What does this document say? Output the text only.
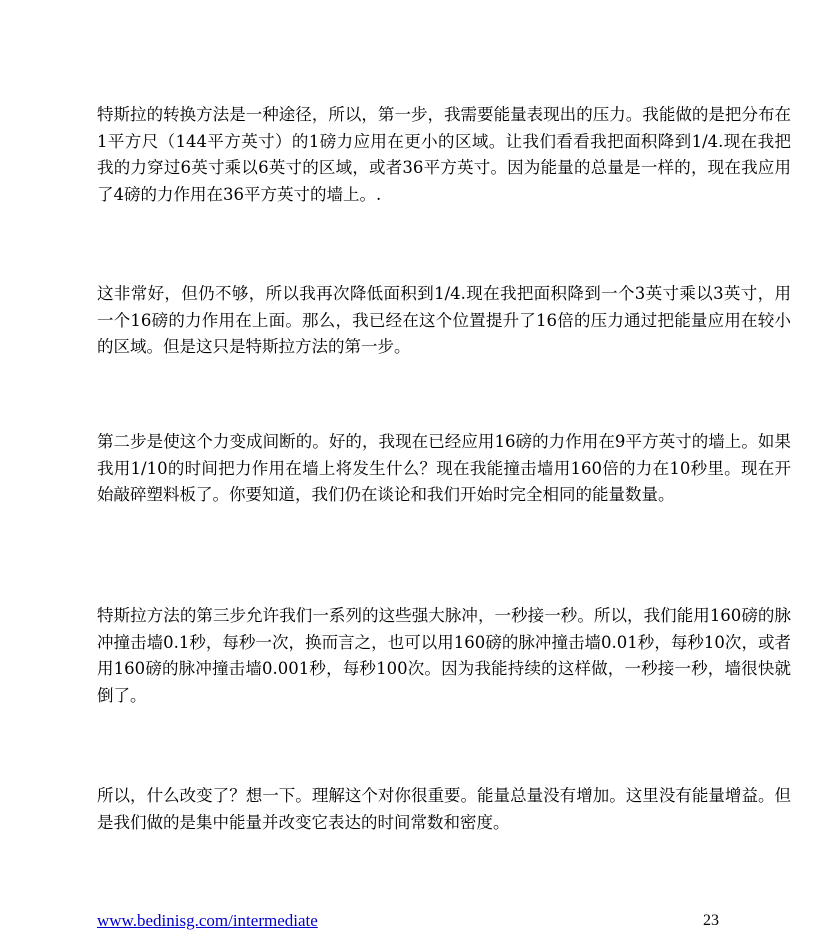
特斯拉的转换方法是一种途径，所以，第一步，我需要能量表现出的压力。我能做的是把分布在1平方尺（144平方英寸）的1磅力应用在更小的区域。让我们看看我把面积降到1/4.现在我把我的力穿过6英寸乘以6英寸的区域，或者36平方英寸。因为能量的总量是一样的，现在我应用了4磅的力作用在36平方英寸的墙上。.

这非常好，但仍不够，所以我再次降低面积到1/4.现在我把面积降到一个3英寸乘以3英寸，用一个16磅的力作用在上面。那么，我已经在这个位置提升了16倍的压力通过把能量应用在较小的区域。但是这只是特斯拉方法的第一步。

第二步是使这个力变成间断的。好的，我现在已经应用16磅的力作用在9平方英寸的墙上。如果我用1/10的时间把力作用在墙上将发生什么？现在我能撞击墙用160倍的力在10秒里。现在开始敲碎塑料板了。你要知道，我们仍在谈论和我们开始时完全相同的能量数量。

特斯拉方法的第三步允许我们一系列的这些强大脉冲，一秒接一秒。所以，我们能用160磅的脉冲撞击墙0.1秒，每秒一次，换而言之，也可以用160磅的脉冲撞击墙0.01秒，每秒10次，或者用160磅的脉冲撞击墙0.001秒，每秒100次。因为我能持续的这样做，一秒接一秒，墙很快就倒了。

所以，什么改变了？想一下。理解这个对你很重要。能量总量没有增加。这里没有能量增益。但是我们做的是集中能量并改变它表达的时间常数和密度。

www.bedinisg.com/intermediate	23
